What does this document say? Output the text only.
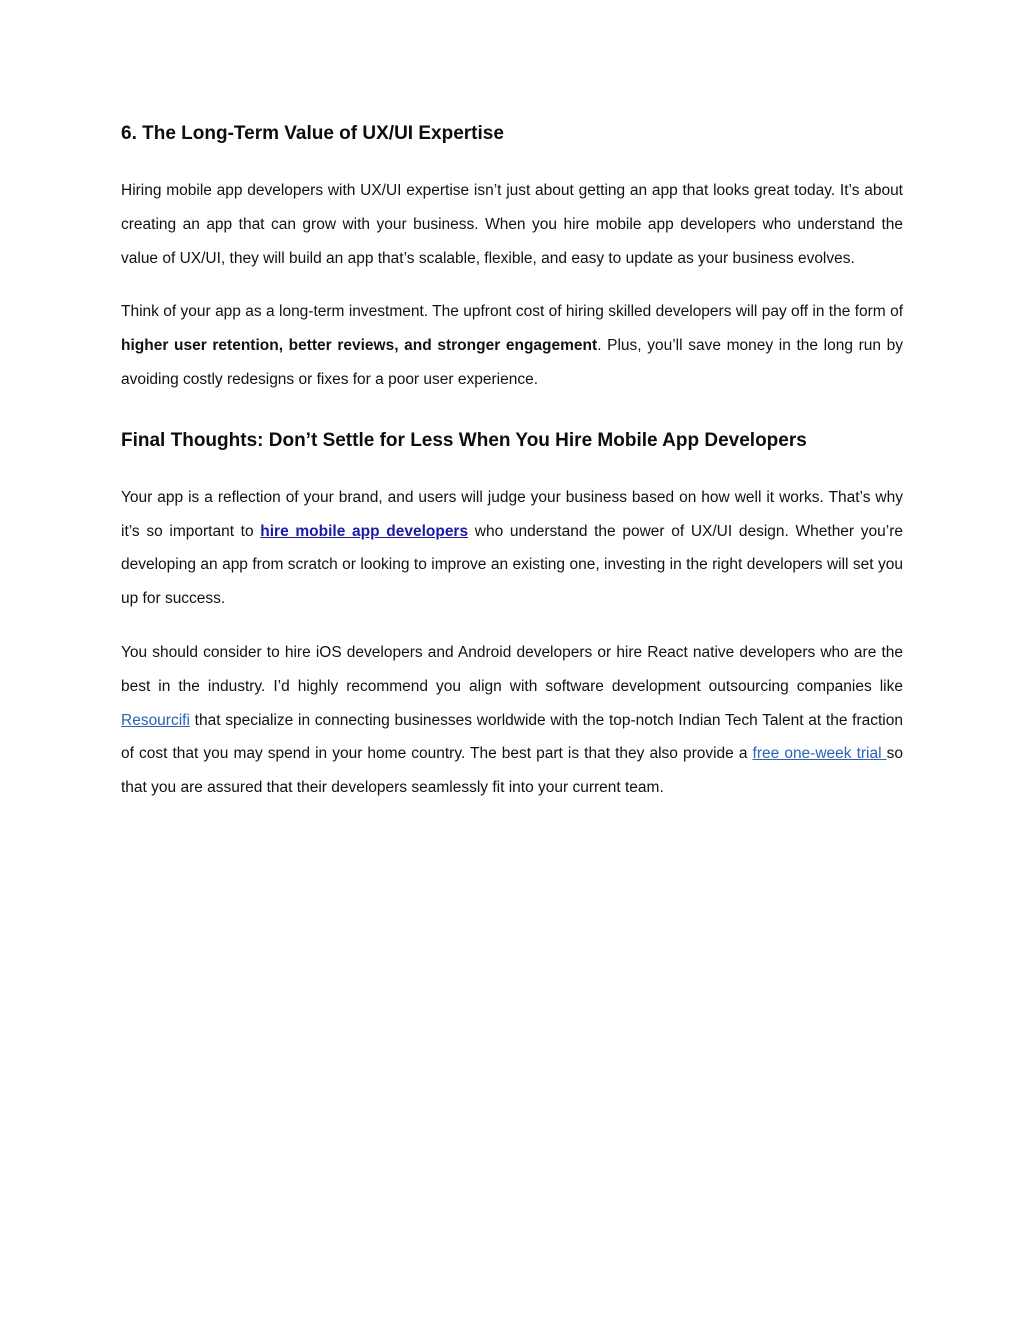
6. The Long-Term Value of UX/UI Expertise

Hiring mobile app developers with UX/UI expertise isn’t just about getting an app that looks great today. It’s about creating an app that can grow with your business. When you hire mobile app developers who understand the value of UX/UI, they will build an app that’s scalable, flexible, and easy to update as your business evolves.

Think of your app as a long-term investment. The upfront cost of hiring skilled developers will pay off in the form of higher user retention, better reviews, and stronger engagement. Plus, you’ll save money in the long run by avoiding costly redesigns or fixes for a poor user experience.

Final Thoughts: Don’t Settle for Less When You Hire Mobile App Developers

Your app is a reflection of your brand, and users will judge your business based on how well it works. That’s why it’s so important to hire mobile app developers who understand the power of UX/UI design. Whether you’re developing an app from scratch or looking to improve an existing one, investing in the right developers will set you up for success.

You should consider to hire iOS developers and Android developers or hire React native developers who are the best in the industry. I’d highly recommend you align with software development outsourcing companies like Resourcifi that specialize in connecting businesses worldwide with the top-notch Indian Tech Talent at the fraction of cost that you may spend in your home country. The best part is that they also provide a free one-week trial so that you are assured that their developers seamlessly fit into your current team.
